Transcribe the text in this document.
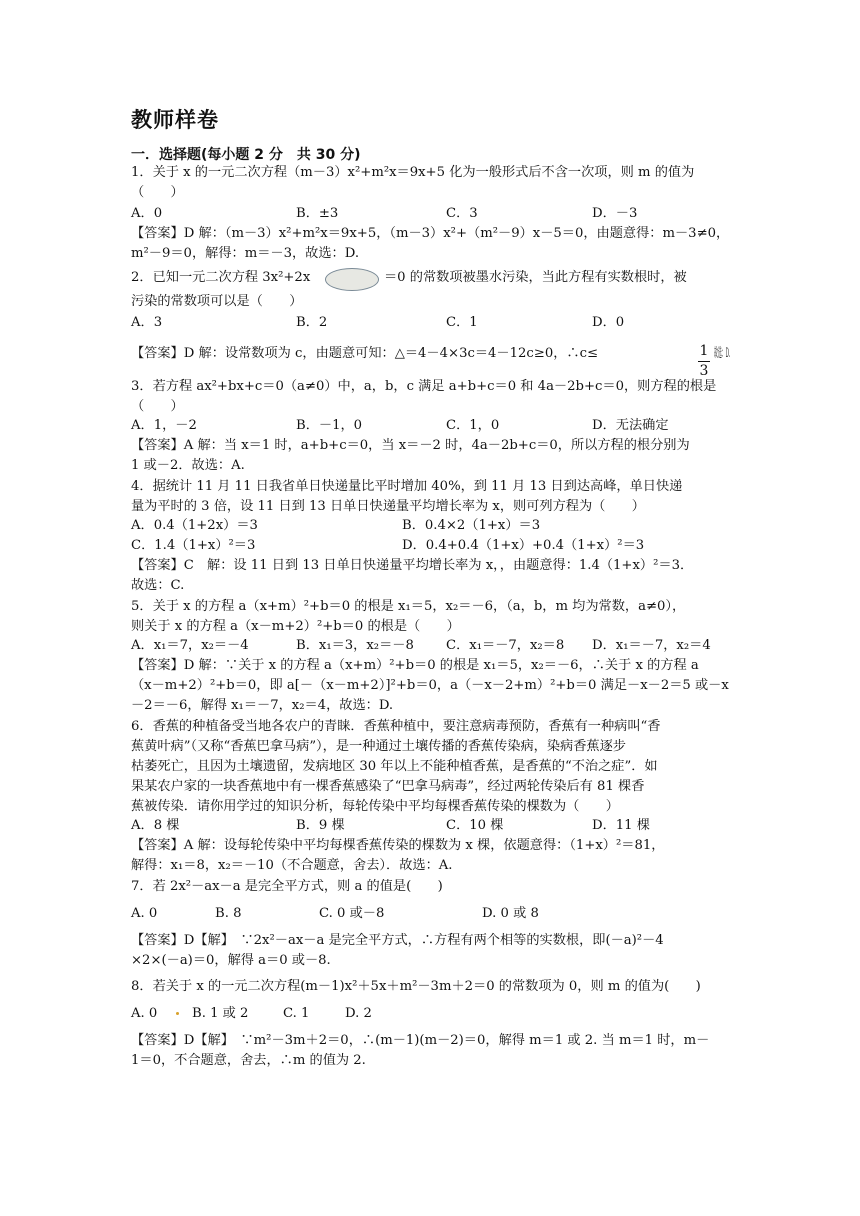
教师样卷
一．选择题(每小题 2 分　共 30 分)
1．关于 x 的一元二次方程（m－3）x²+m²x＝9x+5 化为一般形式后不含一次项，则 m 的值为
（　　）
A．0	B．±3	C．3	D．－3
【答案】D 解：（m－3）x²+m²x＝9x+5，（m－3）x²+（m²－9）x－5＝0，由题意得：m－3≠0，
m²－9＝0，解得：m＝－3，故选：D.
2．已知一元二次方程 3x²+2x	＝0 的常数项被墨水污染，当此方程有实数根时，被
污染的常数项可以是（　　）
A．3	B．2	C．1	D．0
【答案】D 解：设常数项为 c，由题意可知：△＝4－4×3c＝4－12c≥0，∴c≤	1
3
故选：D.
3．若方程 ax²+bx+c＝0（a≠0）中，a，b，c 满足 a+b+c＝0 和 4a－2b+c＝0，则方程的根是
（　　）
A．1，－2	B．－1，0	C．1，0	D．无法确定
【答案】A 解：当 x＝1 时，a+b+c＝0，当 x＝－2 时，4a－2b+c＝0，所以方程的根分别为
1 或－2．故选：A.
4．据统计 11 月 11 日我省单日快递量比平时增加 40%，到 11 月 13 日到达高峰，单日快递
量为平时的 3 倍，设 11 日到 13 日单日快递量平均增长率为 x，则可列方程为（　　）
A．0.4（1+2x）＝3	B．0.4×2（1+x）＝3
C．1.4（1+x）²＝3	D．0.4+0.4（1+x）+0.4（1+x）²＝3
【答案】C　解：设 11 日到 13 日单日快递量平均增长率为 x，，由题意得：1.4（1+x）²＝3．
故选：C.
5．关于 x 的方程 a（x+m）²+b＝0 的根是 x₁＝5，x₂＝－6，（a，b，m 均为常数，a≠0），
则关于 x 的方程 a（x－m+2）²+b＝0 的根是（　　）
A．x₁＝7，x₂＝－4	B．x₁＝3，x₂＝－8 C．x₁＝－7，x₂＝8 D．x₁＝－7，x₂＝4
【答案】D 解：∵关于 x 的方程 a（x+m）²+b＝0 的根是 x₁＝5，x₂＝－6，∴关于 x 的方程 a
（x－m+2）²+b＝0，即 a[－（x－m+2）]²+b＝0，a（－x－2+m）²+b＝0 满足－x－2＝5 或－x
－2＝－6，解得 x₁＝－7，x₂＝4，故选：D.
6．香蕉的种植备受当地各农户的青睐．香蕉种植中，要注意病毒预防，香蕉有一种病叫“香
蕉黄叶病”（又称“香蕉巴拿马病”），是一种通过土壤传播的香蕉传染病，染病香蕉逐步
枯萎死亡，且因为土壤遗留，发病地区 30 年以上不能种植香蕉，是香蕉的“不治之症”．如
果某农户家的一块香蕉地中有一棵香蕉感染了“巴拿马病毒”，经过两轮传染后有 81 棵香
蕉被传染．请你用学过的知识分析，每轮传染中平均每棵香蕉传染的棵数为（　　）
A．8 棵	B．9 棵	C．10 棵	D．11 棵
【答案】A 解：设每轮传染中平均每棵香蕉传染的棵数为 x 棵，依题意得：（1+x）²＝81，
解得：x₁＝8，x₂＝－10（不合题意，舍去）．故选：A.
7．若 2x²－ax－a 是完全平方式，则 a 的值是(　　)
A. 0	B. 8	C. 0 或－8	D. 0 或 8
【答案】D【解】　∵2x²－ax－a 是完全平方式，∴方程有两个相等的实数根，即(－a)²－4
×2×(－a)＝0，解得 a＝0 或－8.
8．若关于 x 的一元二次方程(m－1)x²＋5x＋m²－3m＋2＝0 的常数项为 0，则 m 的值为(　　)
A. 0	B. 1 或 2	C. 1	D. 2
【答案】D【解】　∵m²－3m＋2＝0，∴(m－1)(m－2)＝0，解得 m＝1 或 2. 当 m＝1 时，m－
1＝0，不合题意，舍去，∴m 的值为 2.
